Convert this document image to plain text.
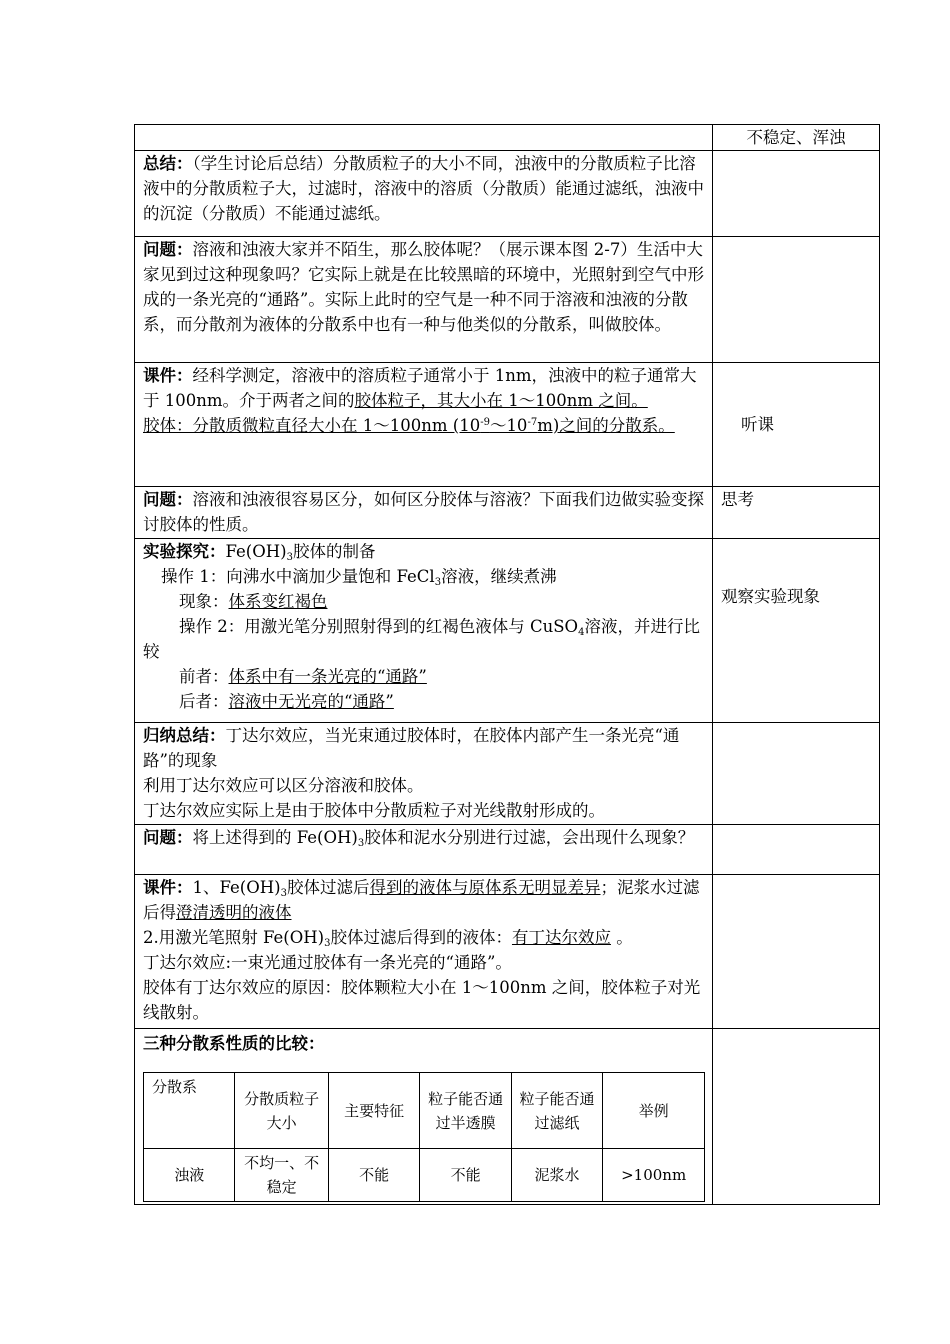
	不稳定、浑浊
总结：（学生讨论后总结）分散质粒子的大小不同，浊液中的分散质粒子比溶液中的分散质粒子大，过滤时，溶液中的溶质（分散质）能通过滤纸，浊液中的沉淀（分散质）不能通过滤纸。	
问题：溶液和浊液大家并不陌生，那么胶体呢？（展示课本图 2-7）生活中大家见到过这种现象吗？它实际上就是在比较黑暗的环境中，光照射到空气中形成的一条光亮的“通路”。实际上此时的空气是一种不同于溶液和浊液的分散系，而分散剂为液体的分散系中也有一种与他类似的分散系，叫做胶体。	
课件：经科学测定，溶液中的溶质粒子通常小于 1nm，浊液中的粒子通常大于 100nm。介于两者之间的胶体粒子，其大小在 1～100nm 之间。
胶体：分散质微粒直径大小在 1～100nm $(10^{-9}\sim 10^{-7}m)$之间的分散系。	听课
问题：溶液和浊液很容易区分，如何区分胶体与溶液？下面我们边做实验变探讨胶体的性质。	思考
实验探究：$Fe(OH)_3$胶体的制备
操作 1：向沸水中滴加少量饱和 FeCl$_3$溶液，继续煮沸
现象：体系变红褐色
操作 2：用激光笔分别照射得到的红褐色液体与 CuSO$_4$溶液，并进行比较
前者：体系中有一条光亮的“通路”
后者：溶液中无光亮的“通路”
	观察实验现象
归纳总结：丁达尔效应，当光束通过胶体时，在胶体内部产生一条光亮“通路”的现象
利用丁达尔效应可以区分溶液和胶体。
丁达尔效应实际上是由于胶体中分散质粒子对光线散射形成的。	
问题：将上述得到的 $Fe(OH)_3$胶体和泥水分别进行过滤，会出现什么现象？	
课件：1、$Fe(OH)_3$胶体过滤后得到的液体与原体系无明显差异；泥浆水过滤后得澄清透明的液体
2.用激光笔照射 $Fe(OH)_3$胶体过滤后得到的液体：有丁达尔效应 。
丁达尔效应:一束光通过胶体有一条光亮的“通路”。
胶体有丁达尔效应的原因：胶体颗粒大小在 1～100nm 之间，胶体粒子对光线散射。	
三种分散系性质的比较：
分散系	分散质粒子大小	主要特征	粒子能否通过半透膜	粒子能否通过滤纸	举例
浊液	不均一、不稳定	不能	不能	泥浆水	>100nm
